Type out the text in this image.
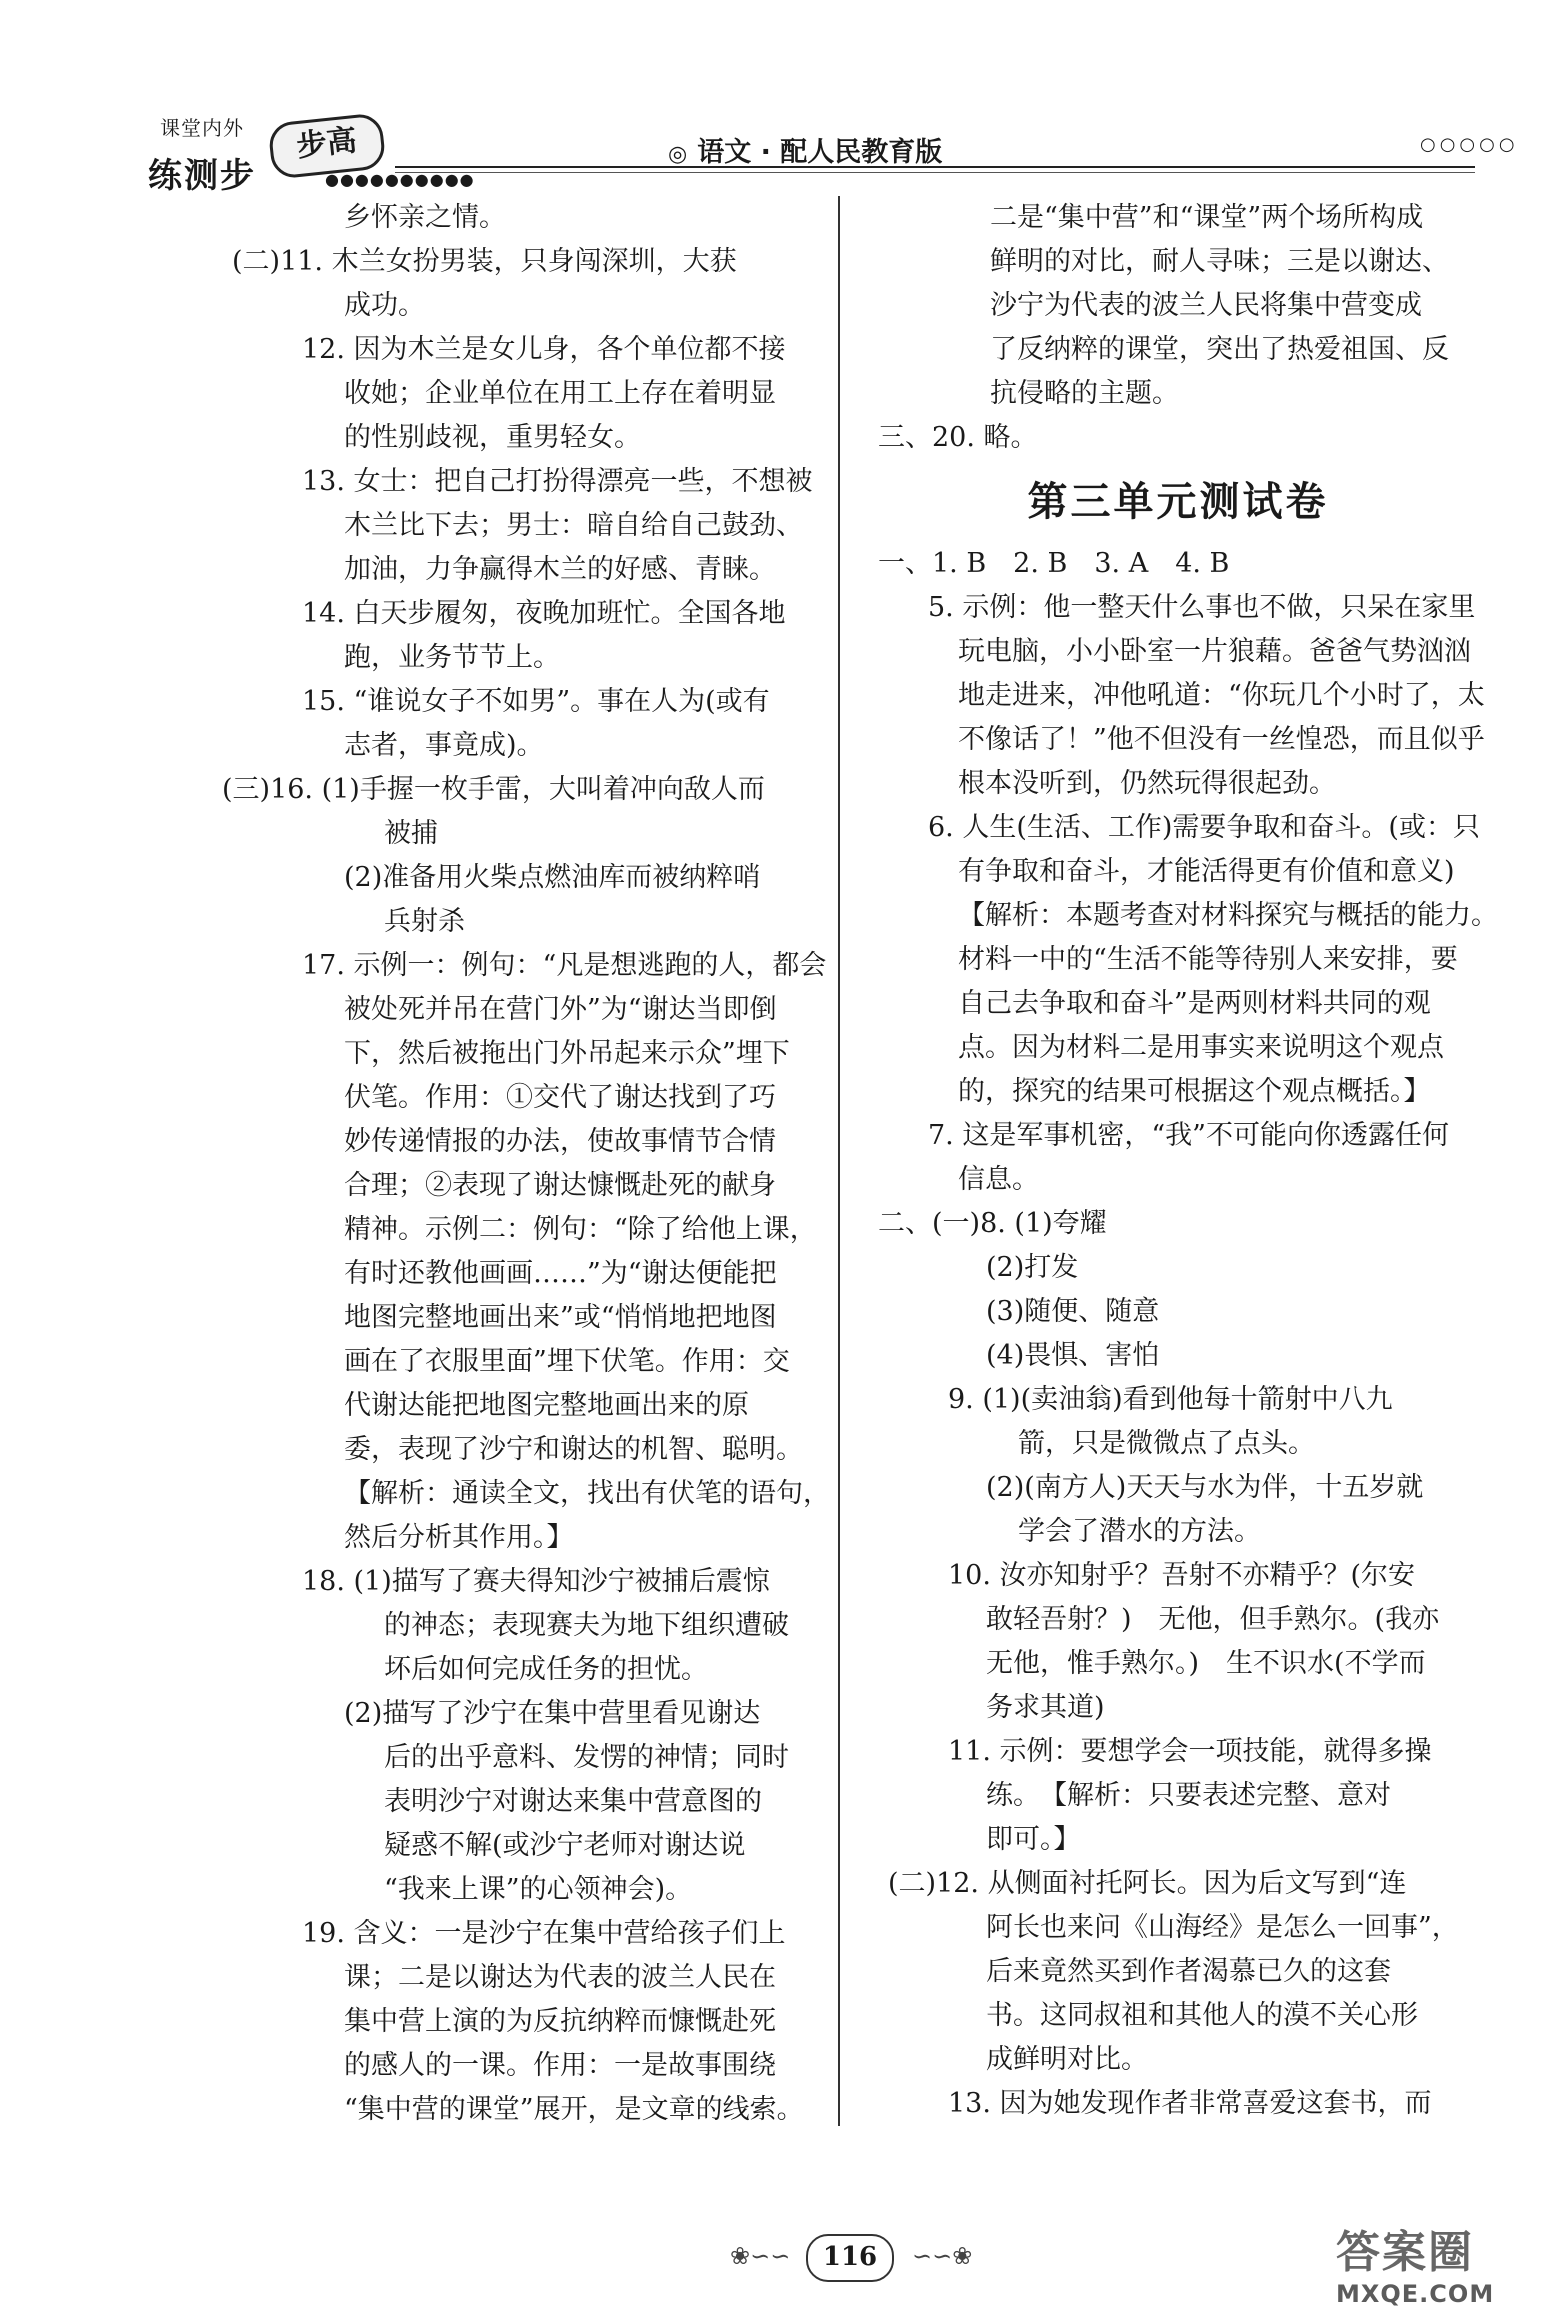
课堂内外
练测步
步高
●●●●●●●●●●
◎ 语文 · 配人民教育版	○○○○○
乡怀亲之情。
(二)11. 木兰女扮男装，只身闯深圳，大获
成功。
12. 因为木兰是女儿身，各个单位都不接
收她；企业单位在用工上存在着明显
的性别歧视，重男轻女。
13. 女士：把自己打扮得漂亮一些，不想被
木兰比下去；男士：暗自给自己鼓劲、
加油，力争赢得木兰的好感、青睐。
14. 白天步履匆，夜晚加班忙。全国各地
跑，业务节节上。
15. “谁说女子不如男”。事在人为(或有
志者，事竟成)。
(三)16. (1)手握一枚手雷，大叫着冲向敌人而
被捕
(2)准备用火柴点燃油库而被纳粹哨
兵射杀
17. 示例一：例句：“凡是想逃跑的人，都会
被处死并吊在营门外”为“谢达当即倒
下，然后被拖出门外吊起来示众”埋下
伏笔。作用：①交代了谢达找到了巧
妙传递情报的办法，使故事情节合情
合理；②表现了谢达慷慨赴死的献身
精神。示例二：例句：“除了给他上课，
有时还教他画画……”为“谢达便能把
地图完整地画出来”或“悄悄地把地图
画在了衣服里面”埋下伏笔。作用：交
代谢达能把地图完整地画出来的原
委，表现了沙宁和谢达的机智、聪明。
【解析：通读全文，找出有伏笔的语句，
然后分析其作用。】
18. (1)描写了赛夫得知沙宁被捕后震惊
的神态；表现赛夫为地下组织遭破
坏后如何完成任务的担忧。
(2)描写了沙宁在集中营里看见谢达
后的出乎意料、发愣的神情；同时
表明沙宁对谢达来集中营意图的
疑惑不解(或沙宁老师对谢达说
“我来上课”的心领神会)。
19. 含义：一是沙宁在集中营给孩子们上
课；二是以谢达为代表的波兰人民在
集中营上演的为反抗纳粹而慷慨赴死
的感人的一课。作用：一是故事围绕
“集中营的课堂”展开，是文章的线索。
二是“集中营”和“课堂”两个场所构成
鲜明的对比，耐人寻味；三是以谢达、
沙宁为代表的波兰人民将集中营变成
了反纳粹的课堂，突出了热爱祖国、反
抗侵略的主题。
三、20. 略。
第三单元测试卷
一、1. B　2. B　3. A　4. B
5. 示例：他一整天什么事也不做，只呆在家里
玩电脑，小小卧室一片狼藉。爸爸气势汹汹
地走进来，冲他吼道：“你玩几个小时了，太
不像话了！”他不但没有一丝惶恐，而且似乎
根本没听到，仍然玩得很起劲。
6. 人生(生活、工作)需要争取和奋斗。(或：只
有争取和奋斗，才能活得更有价值和意义)
【解析：本题考查对材料探究与概括的能力。
材料一中的“生活不能等待别人来安排，要
自己去争取和奋斗”是两则材料共同的观
点。因为材料二是用事实来说明这个观点
的，探究的结果可根据这个观点概括。】
7. 这是军事机密，“我”不可能向你透露任何
信息。
二、(一)8. (1)夸耀
(2)打发
(3)随便、随意
(4)畏惧、害怕
9. (1)(卖油翁)看到他每十箭射中八九
箭，只是微微点了点头。
(2)(南方人)天天与水为伴，十五岁就
学会了潜水的方法。
10. 汝亦知射乎？吾射不亦精乎？(尔安
敢轻吾射？)　无他，但手熟尔。(我亦
无他，惟手熟尔。)　生不识水(不学而
务求其道)
11. 示例：要想学会一项技能，就得多操
练。　【解析：只要表述完整、意对
即可。】
(二)12. 从侧面衬托阿长。因为后文写到“连
阿长也来问《山海经》是怎么一回事”，
后来竟然买到作者渴慕已久的这套
书。这同叔祖和其他人的漠不关心形
成鲜明对比。
13. 因为她发现作者非常喜爱这套书，而
❀∽∽	116	∽∽❀	答案圈
MXQE.COM
